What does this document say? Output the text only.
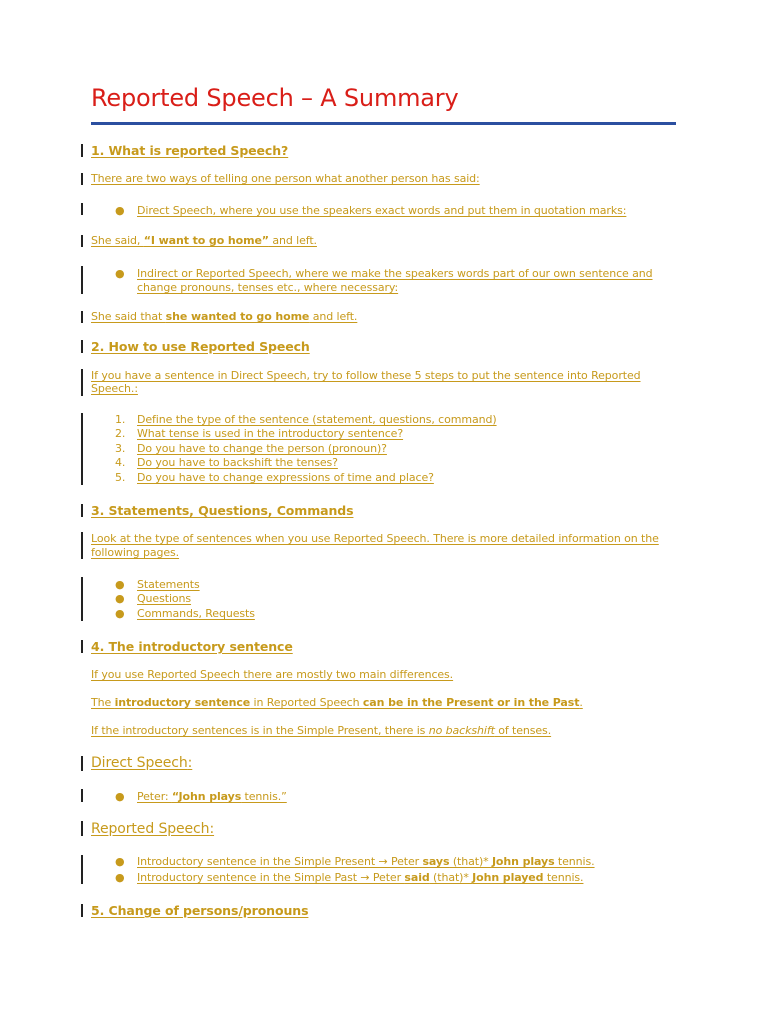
Reported Speech – A Summary
1. What is reported Speech?
There are two ways of telling one person what another person has said:
● Direct Speech, where you use the speakers exact words and put them in quotation marks:
She said, “I want to go home” and left.
● Indirect or Reported Speech, where we make the speakers words part of our own sentence and
change pronouns, tenses etc., where necessary:
She said that she wanted to go home and left.
2. How to use Reported Speech
If you have a sentence in Direct Speech, try to follow these 5 steps to put the sentence into Reported
Speech.:
1. Define the type of the sentence (statement, questions, command)
2. What tense is used in the introductory sentence?
3. Do you have to change the person (pronoun)?
4. Do you have to backshift the tenses?
5. Do you have to change expressions of time and place?
3. Statements, Questions, Commands
Look at the type of sentences when you use Reported Speech. There is more detailed information on the
following pages.
● Statements
● Questions
● Commands, Requests
4. The introductory sentence
If you use Reported Speech there are mostly two main differences.
The introductory sentence in Reported Speech can be in the Present or in the Past.
If the introductory sentences is in the Simple Present, there is no backshift of tenses.
Direct Speech:
● Peter: “John plays tennis.”
Reported Speech:
● Introductory sentence in the Simple Present → Peter says (that)* John plays tennis.
● Introductory sentence in the Simple Past → Peter said (that)* John played tennis.
5. Change of persons/pronouns
